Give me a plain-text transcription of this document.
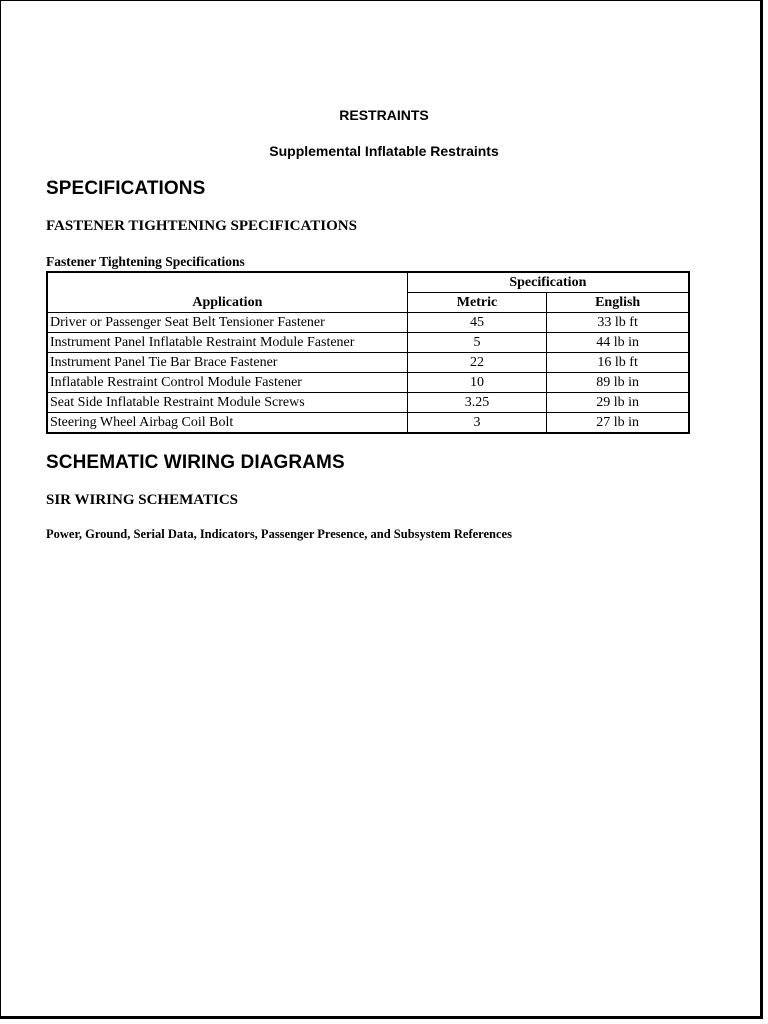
RESTRAINTS
Supplemental Inflatable Restraints
SPECIFICATIONS
FASTENER TIGHTENING SPECIFICATIONS
Fastener Tightening Specifications
Application	Specification	
	Metric	English
Driver or Passenger Seat Belt Tensioner Fastener	45	33 lb ft
Instrument Panel Inflatable Restraint Module Fastener	5	44 lb in
Instrument Panel Tie Bar Brace Fastener	22	16 lb ft
Inflatable Restraint Control Module Fastener	10	89 lb in
Seat Side Inflatable Restraint Module Screws	3.25	29 lb in
Steering Wheel Airbag Coil Bolt	3	27 lb in
SCHEMATIC WIRING DIAGRAMS
SIR WIRING SCHEMATICS
Power, Ground, Serial Data, Indicators, Passenger Presence, and Subsystem References
